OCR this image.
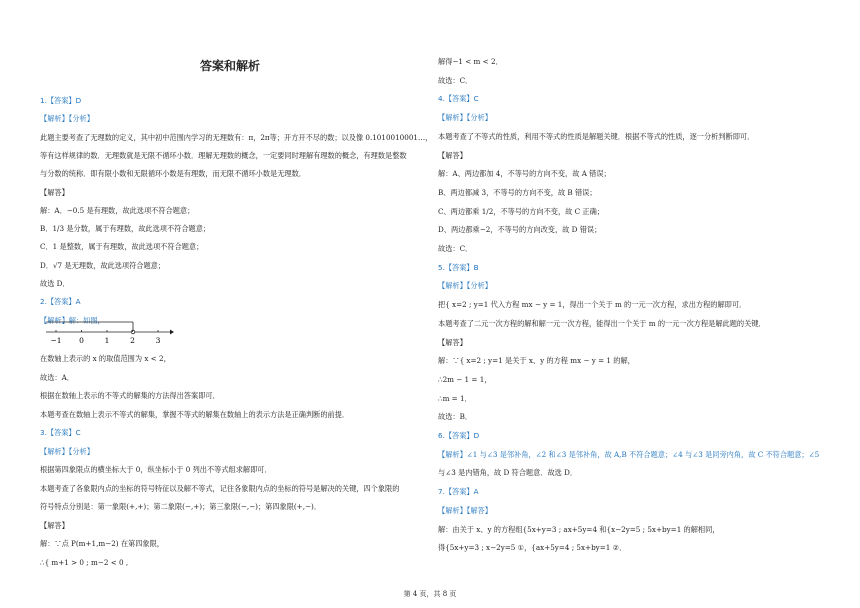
答案和解析
1.【答案】D
【解析】【分析】
此题主要考查了无理数的定义，其中初中范围内学习的无理数有：π，2π等；开方开不尽的数；以及像 0.1010010001…，
等有这样规律的数．无理数就是无限不循环小数．理解无理数的概念，一定要同时理解有理数的概念，有理数是整数
与分数的统称．即有限小数和无限循环小数是有理数，而无限不循环小数是无理数．
【解答】
解：A．−0.5 是有理数，故此选项不符合题意；
B．1/3 是分数，属于有理数，故此选项不符合题意；
C．1 是整数，属于有理数，故此选项不符合题意；
D．√7 是无理数，故此选项符合题意；
故选 D．
2.【答案】A
【解析】解：如图，
−1 0	1	2	3
在数轴上表示的 x 的取值范围为 x < 2，
故选：A．
根据在数轴上表示的不等式的解集的方法得出答案即可．
本题考查在数轴上表示不等式的解集，掌握不等式的解集在数轴上的表示方法是正确判断的前提．
3.【答案】C
【解析】【分析】
根据第四象限点的横坐标大于 0，纵坐标小于 0 列出不等式组求解即可．
本题考查了各象限内点的坐标的符号特征以及解不等式，记住各象限内点的坐标的符号是解决的关键，四个象限的
符号特点分别是：第一象限(+,+)；第二象限(−,+)；第三象限(−,−)；第四象限(+,−)．
【解答】
解：∵点 P(m+1,m−2) 在第四象限，
∴{ m+1 > 0 ; m−2 < 0 ,
解得−1 < m < 2．
故选：C．
4.【答案】C
【解析】【分析】
本题考查了不等式的性质，利用不等式的性质是解题关键．根据不等式的性质，逐一分析判断即可．
【解答】
解：A、两边都加 4，不等号的方向不变，故 A 错误；
B、两边都减 3，不等号的方向不变，故 B 错误；
C、两边都乘 1/2，不等号的方向不变，故 C 正确；
D、两边都乘−2，不等号的方向改变，故 D 错误；
故选：C．
5.【答案】B
【解析】【分析】
把{ x=2 ; y=1 代入方程 mx − y = 1，得出一个关于 m 的一元一次方程，求出方程的解即可．
本题考查了二元一次方程的解和解一元一次方程，能得出一个关于 m 的一元一次方程是解此题的关键．
【解答】
解：∵{ x=2 ; y=1 是关于 x、y 的方程 mx − y = 1 的解，
∴2m − 1 = 1，
∴m = 1．
故选：B．
6.【答案】D
【解析】∠1 与∠3 是邻补角，∠2 和∠3 是邻补角，故 A,B 不符合题意；∠4 与∠3 是同旁内角，故 C 不符合题意；∠5
与∠3 是内错角，故 D 符合题意．故选 D．
7.【答案】A
【解析】【解答】
解：由关于 x、y 的方程组{5x+y=3 ; ax+5y=4 和{x−2y=5 ; 5x+by=1 的解相同，
得{5x+y=3 ; x−2y=5 ①，{ax+5y=4 ; 5x+by=1 ②．
第 4 页，共 8 页
